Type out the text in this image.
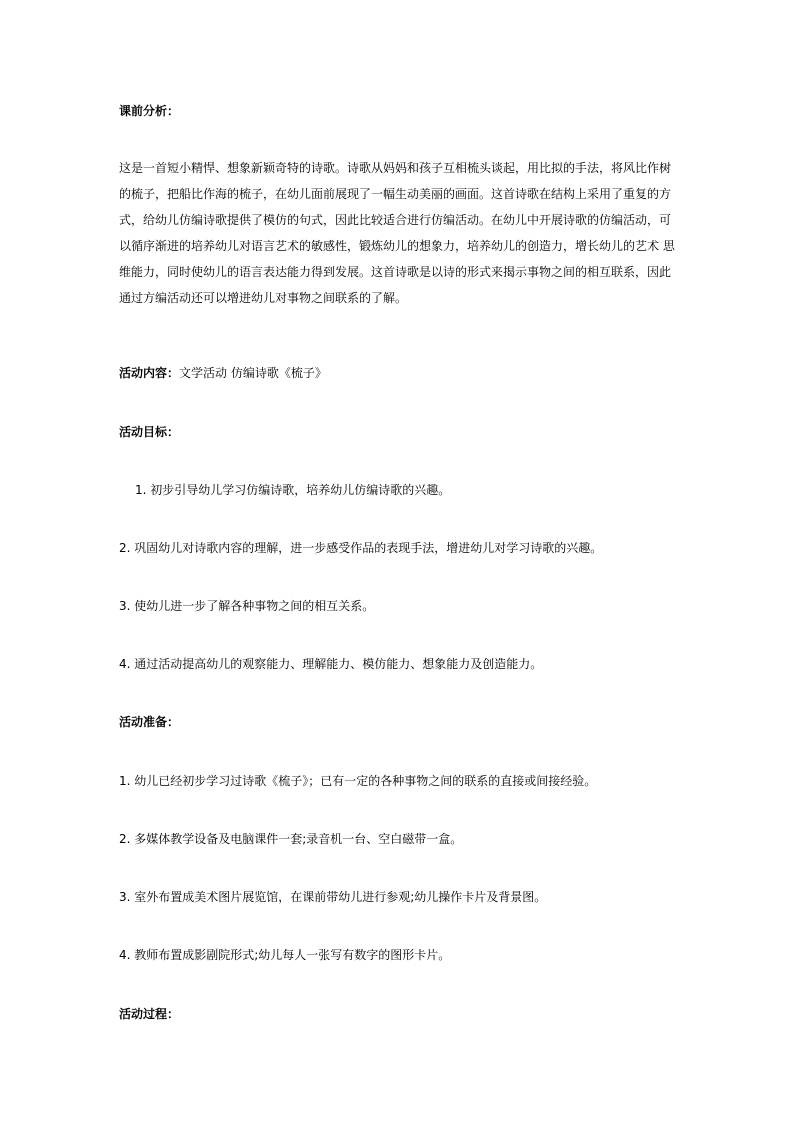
课前分析：
这是一首短小精悍、想象新颖奇特的诗歌。诗歌从妈妈和孩子互相梳头谈起，用比拟的手法，将风比作树
的梳子，把船比作海的梳子，在幼儿面前展现了一幅生动美丽的画面。这首诗歌在结构上采用了重复的方
式，给幼儿仿编诗歌提供了模仿的句式，因此比较适合进行仿编活动。在幼儿中开展诗歌的仿编活动，可
以循序渐进的培养幼儿对语言艺术的敏感性，锻炼幼儿的想象力，培养幼儿的创造力，增长幼儿的艺术 思
维能力，同时使幼儿的语言表达能力得到发展。这首诗歌是以诗的形式来揭示事物之间的相互联系，因此
通过方编活动还可以增进幼儿对事物之间联系的了解。
活动内容：文学活动 仿编诗歌《梳子》
活动目标：
1. 初步引导幼儿学习仿编诗歌，培养幼儿仿编诗歌的兴趣。
2. 巩固幼儿对诗歌内容的理解，进一步感受作品的表现手法，增进幼儿对学习诗歌的兴趣。
3. 使幼儿进一步了解各种事物之间的相互关系。
4. 通过活动提高幼儿的观察能力、理解能力、模仿能力、想象能力及创造能力。
活动准备：
1. 幼儿已经初步学习过诗歌《梳子》；已有一定的各种事物之间的联系的直接或间接经验。
2. 多媒体教学设备及电脑课件一套;录音机一台、空白磁带一盒。
3. 室外布置成美术图片展览馆，在课前带幼儿进行参观;幼儿操作卡片及背景图。
4. 教师布置成影剧院形式;幼儿每人一张写有数字的图形卡片。
活动过程：
